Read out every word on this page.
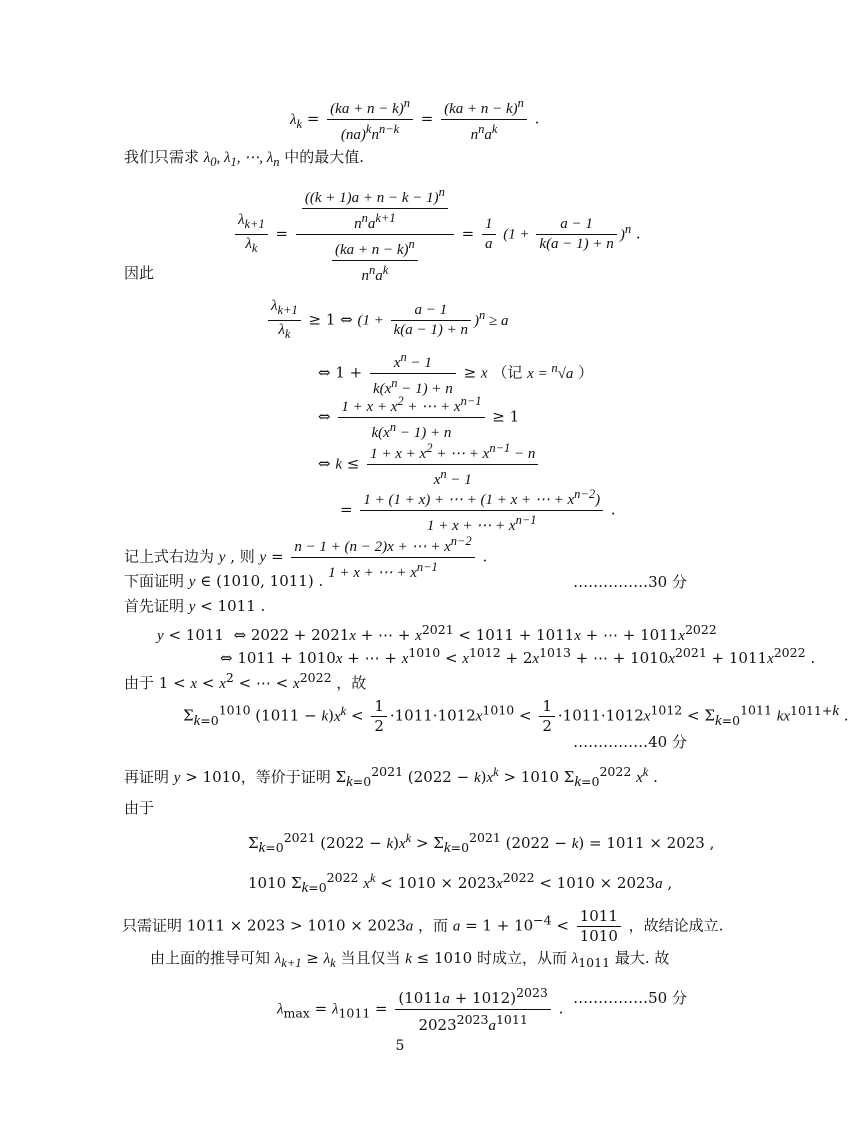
$\lambda_k = \frac{(ka + n - k)^n}{(na)^kn^{n-k}} = \frac{(ka + n - k)^n}{n^na^k}$ .
我们只需求 $\lambda_0$, $\lambda_1$, ⋯, $\lambda_n$ 中的最大值.
$\frac{\lambda_{k+1}}{\lambda_k} = \frac{\frac{((k + 1)a + n - k - 1)^n}{n^na^{k+1}}}{\frac{(ka + n - k)^n}{n^na^k}} = \frac{1}{a} (1 + \frac{a - 1}{k(a - 1) + n} )^n$ .
因此
$\frac{\lambda_{k+1}}{\lambda_k} \ge 1$ ⇔ $(1 + \frac{a - 1}{k(a - 1) + n} )^n \ge a$
⇔ $1 + \frac{x^n - 1}{k(x^n - 1) + n} \ge x$ （记 x = $^n$√a ）
⇔ $\frac{1 + x + x^2 + \cdots + x^{n-1}}{k(x^n - 1) + n} \ge 1$
⇔ $k \le \frac{1 + x + x^2 + \cdots + x^{n-1} - n}{x^n - 1}$
= $\frac{1 + (1 + x) + \cdots + (1 + x + \cdots + x^{n-2})}{1 + x + \cdots + x^{n-1}}$ .
记上式右边为 y , 则 $y = \frac{n - 1 + (n - 2)x + \cdots + x^{n-2}}{1 + x + \cdots + x^{n-1}}$ .
下面证明 y ∈ (1010, 1011) .	……………30 分
首先证明 y < 1011 .
y < 1011  ⇔ 2022 + 2021x + ⋯ + $x^{2021} < 1011 + 1011x$ + ⋯ + $1011x^{2022}$
⇔ 1011 + 1010x + ⋯ + $x^{1010} < x^{1012} + 2x^{1013}$ + ⋯ + $1010x^{2021} + 1011x^{2022}$ .
由于 $1 < x < x^2$ < ⋯ < $x^{2022}$ ，故
$\Sigma_{k=0}^{1010}$ $(1011 - k)x^k < \frac{1}{2} \cdot 1011\cdot 1012x^{1010} < \frac{1}{2} \cdot 1011\cdot 1012x^{1012} < \Sigma_{k=0}^{1011}$ $kx^{1011+k}$ .
……………40 分
再证明 y > 1010，等价于证明 $\Sigma_{k=0}^{2021}$ $(2022 - k)x^k > 1010$ $\Sigma_{k=0}^{2022}$ $x^k$ .
由于
$\Sigma_{k=0}^{2021}$ $(2022 - k)x^k > \Sigma_{k=0}^{2021}$ (2022 − k) = 1011 × 2023 ,
1010 $\Sigma_{k=0}^{2022}$ $x^k < 1010 \times 2023x^{2022} < 1010 \times 2023a$ ,
只需证明 1011 × 2023 > 1010 × 2023a ，而 $a = 1 + 10^{-4} < \frac{1011}{1010}$ ，故结论成立.
由上面的推导可知 $\lambda_{k+1} \ge \lambda_k$ 当且仅当 k ≤ 1010 时成立，从而 $\lambda_{1011}$ 最大. 故
$\lambda_{max} = \lambda_{1011} = \frac{(1011a + 1012)^{2023}}{2023^{2023}a^{1011}}$ .
……………50 分
5
